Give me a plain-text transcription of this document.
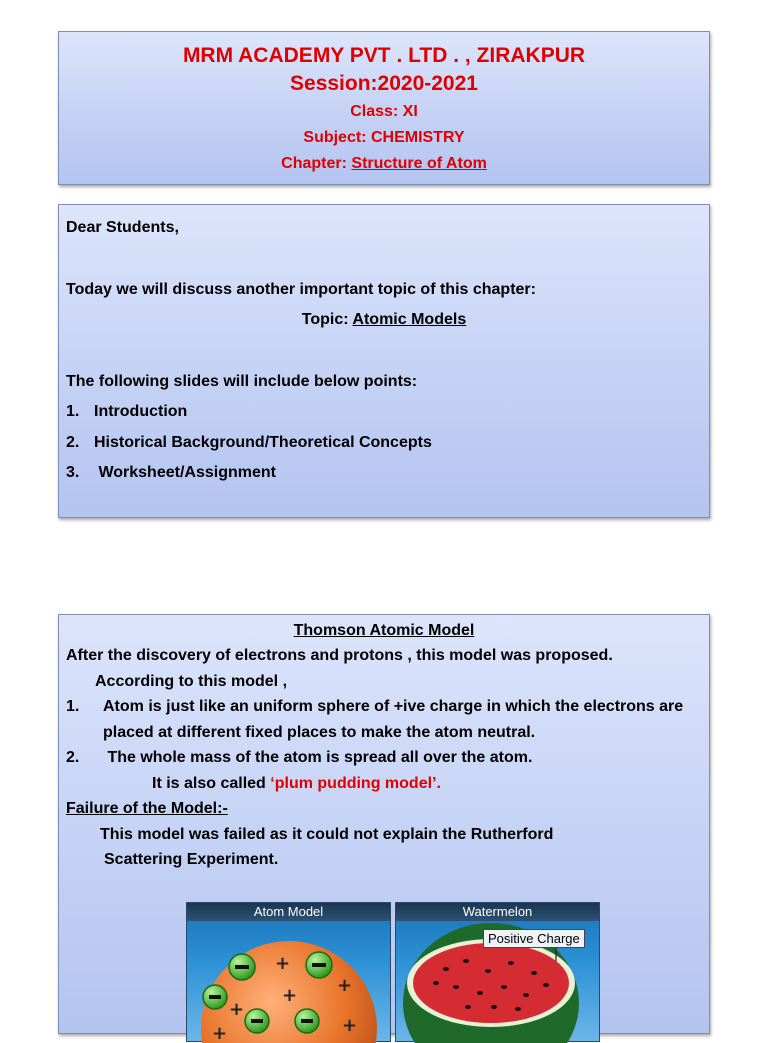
MRM ACADEMY PVT . LTD . , ZIRAKPUR
Session:2020-2021
Class: XI
Subject: CHEMISTRY
Chapter: Structure of Atom
Dear Students,
Today we will discuss another important topic of this chapter:
Topic: Atomic Models
The following slides will include below points:
1. Introduction
2. Historical Background/Theoretical Concepts
3. Worksheet/Assignment
Thomson Atomic Model
After the discovery of electrons and protons , this model was proposed.
According to this model ,
1.	Atom is just like an uniform sphere of +ive charge in which the electrons are placed at different fixed places to make the atom neutral.
2.	The whole mass of the atom is spread all over the atom.
It is also called ‘plum pudding model’.
Failure of the Model:-
This model was failed as it could not explain the Rutherford
Scattering Experiment.
Atom Model
+
+
+
+
+
+
Watermelon
Positive Charge
